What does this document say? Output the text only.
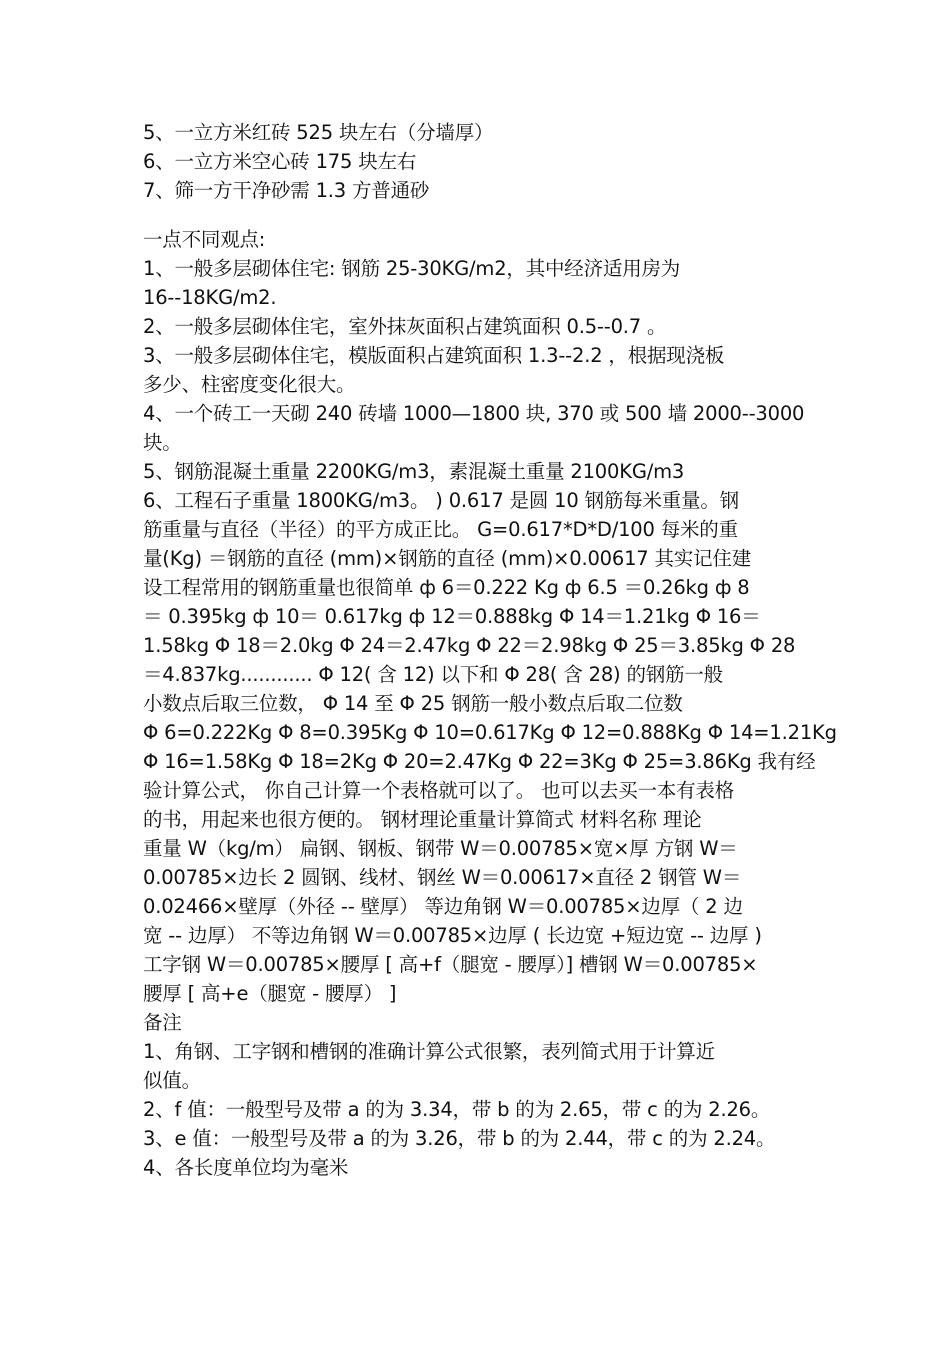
5、一立方米红砖 525 块左右（分墙厚）
6、一立方米空心砖 175 块左右
7、筛一方干净砂需 1.3 方普通砂
一点不同观点:
1、一般多层砌体住宅: 钢筋 25-30KG/m2，其中经济适用房为
16--18KG/m2.
2、一般多层砌体住宅，室外抹灰面积占建筑面积 0.5--0.7 。
3、一般多层砌体住宅，模版面积占建筑面积 1.3--2.2 ，根据现浇板
多少、柱密度变化很大。
4、一个砖工一天砌 240 砖墙 1000—1800 块, 370 或 500 墙 2000--3000
块。
5、钢筋混凝土重量 2200KG/m3，素混凝土重量 2100KG/m3
6、工程石子重量 1800KG/m3。 ) 0.617 是圆 10 钢筋每米重量。钢
筋重量与直径（半径）的平方成正比。 G=0.617*D*D/100 每米的重
量(Kg) ＝钢筋的直径 (mm)×钢筋的直径 (mm)×0.00617 其实记住建
设工程常用的钢筋重量也很简单 ф 6＝0.222 Kg ф 6.5 ＝0.26kg ф 8
＝ 0.395kg ф 10＝ 0.617kg ф 12＝0.888kg Φ 14＝1.21kg Φ 16＝
1.58kg Φ 18＝2.0kg Φ 24＝2.47kg Φ 22＝2.98kg Φ 25＝3.85kg Φ 28
＝4.837kg............ Φ 12( 含 12) 以下和 Φ 28( 含 28) 的钢筋一般
小数点后取三位数， Φ 14 至 Φ 25 钢筋一般小数点后取二位数
Φ 6=0.222Kg Φ 8=0.395Kg Φ 10=0.617Kg Φ 12=0.888Kg Φ 14=1.21Kg
Φ 16=1.58Kg Φ 18=2Kg Φ 20=2.47Kg Φ 22=3Kg Φ 25=3.86Kg 我有经
验计算公式， 你自己计算一个表格就可以了。 也可以去买一本有表格
的书，用起来也很方便的。 钢材理论重量计算简式 材料名称 理论
重量 W（kg/m） 扁钢、钢板、钢带 W＝0.00785×宽×厚 方钢 W＝
0.00785×边长 2 圆钢、线材、钢丝 W＝0.00617×直径 2 钢管 W＝
0.02466×壁厚（外径 -- 壁厚） 等边角钢 W＝0.00785×边厚（ 2 边
宽 -- 边厚） 不等边角钢 W＝0.00785×边厚 ( 长边宽 +短边宽 -- 边厚 )
工字钢 W＝0.00785×腰厚 [ 高+f（腿宽 - 腰厚）] 槽钢 W＝0.00785×
腰厚 [ 高+e（腿宽 - 腰厚） ]
备注
1、角钢、工字钢和槽钢的准确计算公式很繁，表列简式用于计算近
似值。
2、f 值：一般型号及带 a 的为 3.34，带 b 的为 2.65，带 c 的为 2.26。
3、e 值：一般型号及带 a 的为 3.26，带 b 的为 2.44，带 c 的为 2.24。
4、各长度单位均为毫米
